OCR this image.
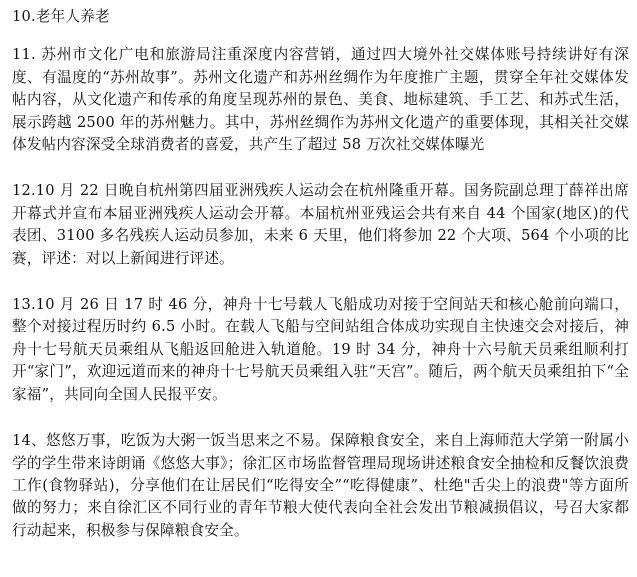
10.老年人养老

11. 苏州市文化广电和旅游局注重深度内容营销，通过四大境外社交媒体账号持续讲好有深度、有温度的“苏州故事”。苏州文化遗产和苏州丝绸作为年度推广主题，贯穿全年社交媒体发帖内容，从文化遗产和传承的角度呈现苏州的景色、美食、地标建筑、手工艺、和苏式生活，展示跨越 2500 年的苏州魅力。其中，苏州丝绸作为苏州文化遗产的重要体现，其相关社交媒体发帖内容深受全球消费者的喜爱，共产生了超过 58 万次社交媒体曝光

12.10 月 22 日晚自杭州第四届亚洲残疾人运动会在杭州隆重开幕。国务院副总理丁薛祥出席开幕式并宣布本届亚洲残疾人运动会开幕。本届杭州亚残运会共有来自 44 个国家(地区)的代表团、3100 多名残疾人运动员参加，未来 6 天里，他们将参加 22 个大项、564 个小项的比赛，评述：对以上新闻进行评述。

13.10 月 26 日 17 时 46 分，神舟十七号载人飞船成功对接于空间站天和核心舱前向端口，整个对接过程历时约 6.5 小时。在载人飞船与空间站组合体成功实现自主快速交会对接后，神舟十七号航天员乘组从飞船返回舱进入轨道舱。19 时 34 分，神舟十六号航天员乘组顺利打开“家门”，欢迎远道而来的神舟十七号航天员乘组入驻“天宫”。随后，两个航天员乘组拍下“全家福”，共同向全国人民报平安。

14、悠悠万事，吃饭为大粥一饭当思来之不易。保障粮食安全，来自上海师范大学第一附属小学的学生带来诗朗诵《悠悠大事》；徐汇区市场监督管理局现场讲述粮食安全抽检和反餐饮浪费工作(食物驿站)，分享他们在让居民们“吃得安全”“吃得健康”、杜绝"舌尖上的浪费"等方面所做的努力；来自徐汇区不同行业的青年节粮大使代表向全社会发出节粮减损倡议，号召大家都行动起来，积极参与保障粮食安全。
